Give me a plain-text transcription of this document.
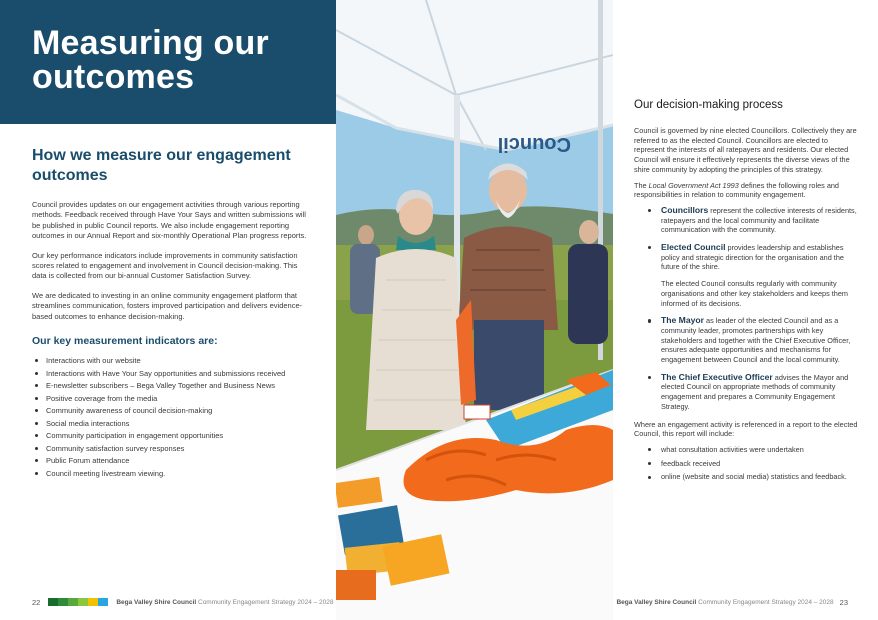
Measuring our
outcomes
How we measure our engagement outcomes

Council provides updates on our engagement activities through various reporting methods. Feedback received through Have Your Says and written submissions will be published in public Council reports. We also include engagement reporting outcomes in our Annual Report and six-monthly Operational Plan progress reports.

Our key performance indicators include improvements in community satisfaction scores related to engagement and involvement in Council decision-making. This data is collected from our bi-annual Customer Satisfaction Survey.

We are dedicated to investing in an online community engagement platform that streamlines communication, fosters improved participation and delivers evidence-based outcomes to enhance decision-making.

Our key measurement indicators are:
Interactions with our website
Interactions with Have Your Say opportunities and submissions received
E-newsletter subscribers – Bega Valley Together and Business News
Positive coverage from the media
Community awareness of council decision-making
Social media interactions
Community participation in engagement opportunities
Community satisfaction survey responses
Public Forum attendance
Council meeting livestream viewing.
Council
Our decision-making process

Council is governed by nine elected Councillors. Collectively they are referred to as the elected Council. Councillors are elected to represent the interests of all ratepayers and residents. Our elected Council will ensure it effectively represents the diverse views of the shire community by adopting the principles of this strategy.

The Local Government Act 1993 defines the following roles and responsibilities in relation to community engagement.

Councillors represent the collective interests of residents, ratepayers and the local community and facilitate communication with the community.
Elected Council provides leadership and establishes policy and strategic direction for the organisation and the future of the shire.

The elected Council consults regularly with community organisations and other key stakeholders and keeps them informed of its decisions.

The Mayor as leader of the elected Council and as a community leader, promotes partnerships with key stakeholders and together with the Chief Executive Officer, ensures adequate opportunities and mechanisms for engagement between Council and the local community.
The Chief Executive Officer advises the Mayor and elected Council on appropriate methods of community engagement and prepares a Community Engagement Strategy.

Where an engagement activity is referenced in a report to the elected Council, this report will include:

what consultation activities were undertaken
feedback received
online (website and social media) statistics and feedback.
22	Bega Valley Shire Council Community Engagement Strategy 2024 – 2028	Bega Valley Shire Council Community Engagement Strategy 2024 – 2028 23
